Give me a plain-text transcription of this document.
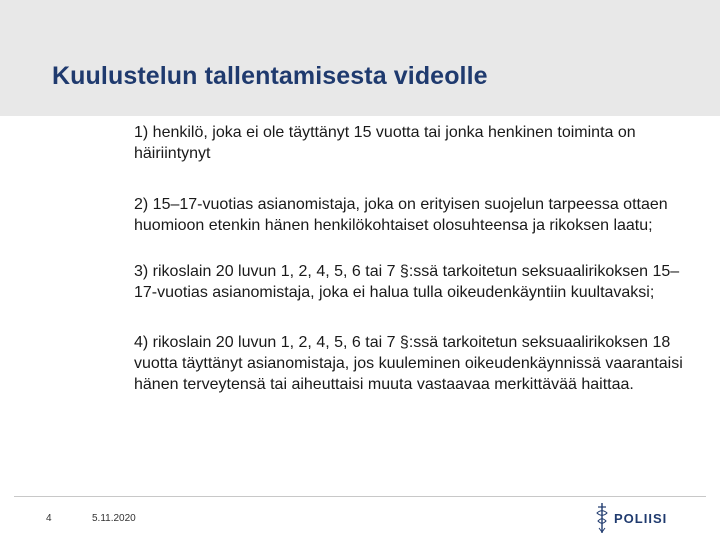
Kuulustelun tallentamisesta videolle

1) henkilö, joka ei ole täyttänyt 15 vuotta tai jonka henkinen toiminta on häiriintynyt

2) 15–17-vuotias asianomistaja, joka on erityisen suojelun tarpeessa ottaen huomioon etenkin hänen henkilökohtaiset olosuhteensa ja rikoksen laatu;

3) rikoslain 20 luvun 1, 2, 4, 5, 6 tai 7 §:ssä tarkoitetun seksuaalirikoksen 15–17-vuotias asianomistaja, joka ei halua tulla oikeudenkäyntiin kuultavaksi;

4) rikoslain 20 luvun 1, 2, 4, 5, 6 tai 7 §:ssä tarkoitetun seksuaalirikoksen 18 vuotta täyttänyt asianomistaja, jos kuuleminen oikeudenkäynnissä vaarantaisi hänen terveytensä tai aiheuttaisi muuta vastaavaa merkittävää haittaa.

4	5.11.2020	POLIISI
